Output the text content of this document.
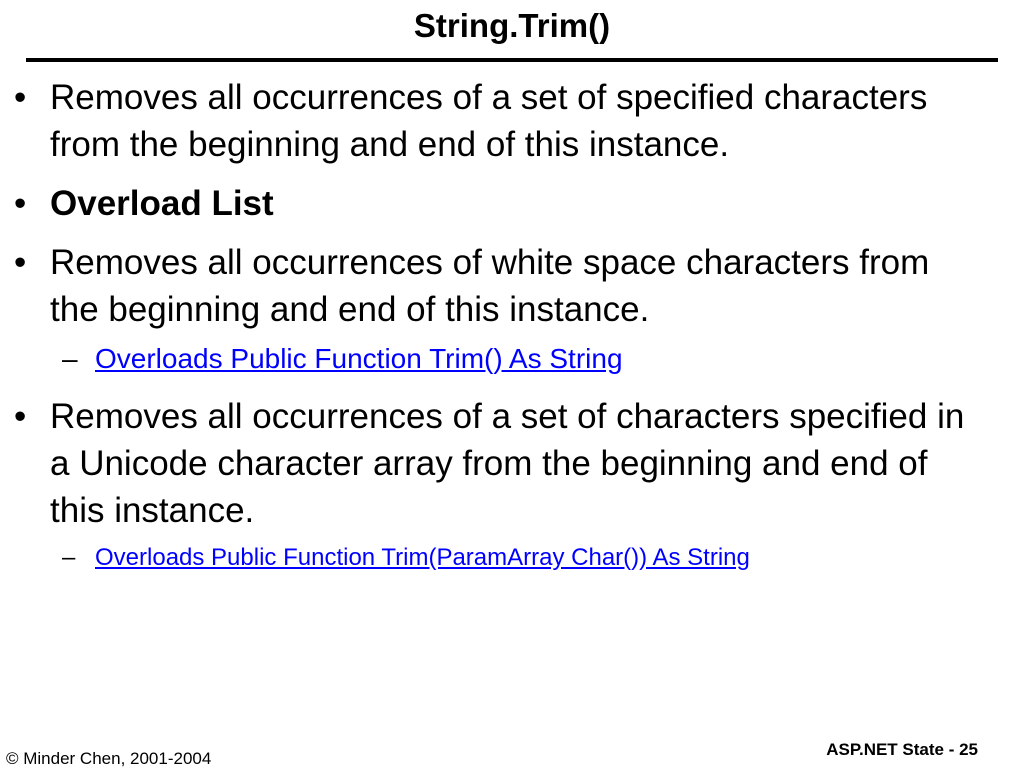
String.Trim()
• Removes all occurrences of a set of specified characters from the beginning and end of this instance.
• Overload List
• Removes all occurrences of white space characters from the beginning and end of this instance.
– Overloads Public Function Trim() As String
• Removes all occurrences of a set of characters specified in a Unicode character array from the beginning and end of this instance.
– Overloads Public Function Trim(ParamArray Char()) As String
© Minder Chen, 2001-2004	ASP.NET State - 25
